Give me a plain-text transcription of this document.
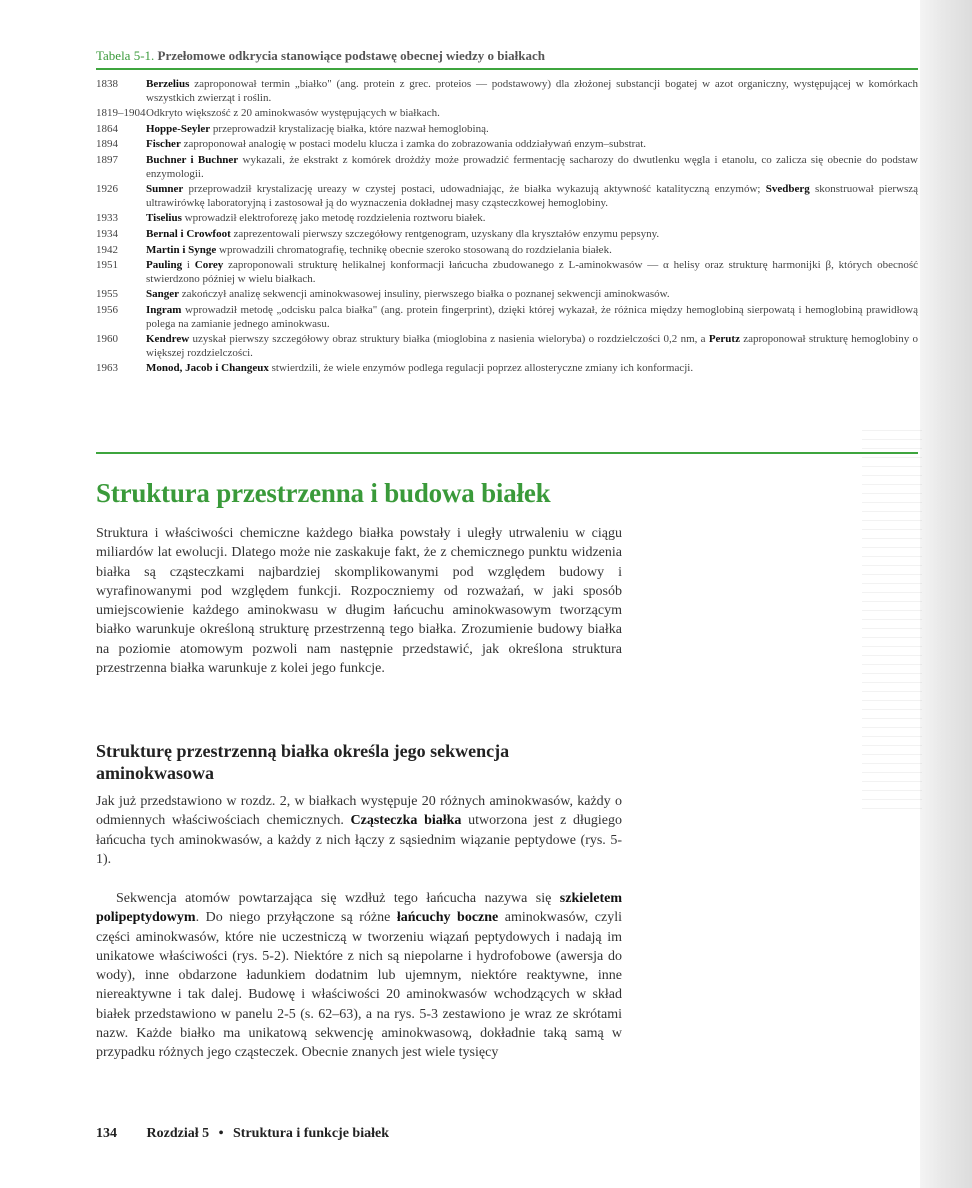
Tabela 5-1. Przełomowe odkrycia stanowiące podstawę obecnej wiedzy o białkach
1838	Berzelius zaproponował termin „białko" (ang. protein z grec. proteios — podstawowy) dla złożonej substancji bogatej w azot organiczny, występującej w komórkach wszystkich zwierząt i roślin.
1819–1904 Odkryto większość z 20 aminokwasów występujących w białkach.
1864	Hoppe-Seyler przeprowadził krystalizację białka, które nazwał hemoglobiną.
1894	Fischer zaproponował analogię w postaci modelu klucza i zamka do zobrazowania oddziaływań enzym–substrat.
1897	Buchner i Buchner wykazali, że ekstrakt z komórek drożdży może prowadzić fermentację sacharozy do dwutlenku węgla i etanolu, co zalicza się obecnie do podstaw enzymologii.
1926	Sumner przeprowadził krystalizację ureazy w czystej postaci, udowadniając, że białka wykazują aktywność katalityczną enzymów; Svedberg skonstruował pierwszą ultrawirówkę laboratoryjną i zastosował ją do wyznaczenia dokładnej masy cząsteczkowej hemoglobiny.
1933	Tiselius wprowadził elektroforezę jako metodę rozdzielenia roztworu białek.
1934	Bernal i Crowfoot zaprezentowali pierwszy szczegółowy rentgenogram, uzyskany dla kryształów enzymu pepsyny.
1942	Martin i Synge wprowadzili chromatografię, technikę obecnie szeroko stosowaną do rozdzielania białek.
1951	Pauling i Corey zaproponowali strukturę helikalnej konformacji łańcucha zbudowanego z L-aminokwasów — α helisy oraz strukturę harmonijki β, których obecność stwierdzono później w wielu białkach.
1955	Sanger zakończył analizę sekwencji aminokwasowej insuliny, pierwszego białka o poznanej sekwencji aminokwasów.
1956	Ingram wprowadził metodę „odcisku palca białka" (ang. protein fingerprint), dzięki której wykazał, że różnica między hemoglobiną sierpowatą i hemoglobiną prawidłową polega na zamianie jednego aminokwasu.
1960	Kendrew uzyskał pierwszy szczegółowy obraz struktury białka (mioglobina z nasienia wieloryba) o rozdzielczości 0,2 nm, a Perutz zaproponował strukturę hemoglobiny o większej rozdzielczości.
1963	Monod, Jacob i Changeux stwierdzili, że wiele enzymów podlega regulacji poprzez allosteryczne zmiany ich konformacji.
Struktura przestrzenna i budowa białek

Struktura i właściwości chemiczne każdego białka powstały i uległy utrwaleniu w ciągu miliardów lat ewolucji. Dlatego może nie zaskakuje fakt, że z chemicznego punktu widzenia białka są cząsteczkami najbardziej skomplikowanymi pod względem budowy i wyrafinowanymi pod względem funkcji. Rozpoczniemy od rozważań, w jaki sposób umiejscowienie każdego aminokwasu w długim łańcuchu aminokwasowym tworzącym białko warunkuje określoną strukturę przestrzenną tego białka. Zrozumienie budowy białka na poziomie atomowym pozwoli nam następnie przedstawić, jak określona struktura przestrzenna białka warunkuje z kolei jego funkcje.

Strukturę przestrzenną białka określa jego sekwencja aminokwasowa

Jak już przedstawiono w rozdz. 2, w białkach występuje 20 różnych aminokwasów, każdy o odmiennych właściwościach chemicznych. Cząsteczka białka utworzona jest z długiego łańcucha tych aminokwasów, a każdy z nich łączy z sąsiednim wiązanie peptydowe (rys. 5-1).

Sekwencja atomów powtarzająca się wzdłuż tego łańcucha nazywa się szkieletem polipeptydowym. Do niego przyłączone są różne łańcuchy boczne aminokwasów, czyli części aminokwasów, które nie uczestniczą w tworzeniu wiązań peptydowych i nadają im unikatowe właściwości (rys. 5-2). Niektóre z nich są niepolarne i hydrofobowe (awersja do wody), inne obdarzone ładunkiem dodatnim lub ujemnym, niektóre reaktywne, inne niereaktywne i tak dalej. Budowę i właściwości 20 aminokwasów wchodzących w skład białek przedstawiono w panelu 2-5 (s. 62–63), a na rys. 5-3 zestawiono je wraz ze skrótami nazw. Każde białko ma unikatową sekwencję aminokwasową, dokładnie taką samą w przypadku różnych jego cząsteczek. Obecnie znanych jest wiele tysięcy

134 Rozdział 5 • Struktura i funkcje białek
